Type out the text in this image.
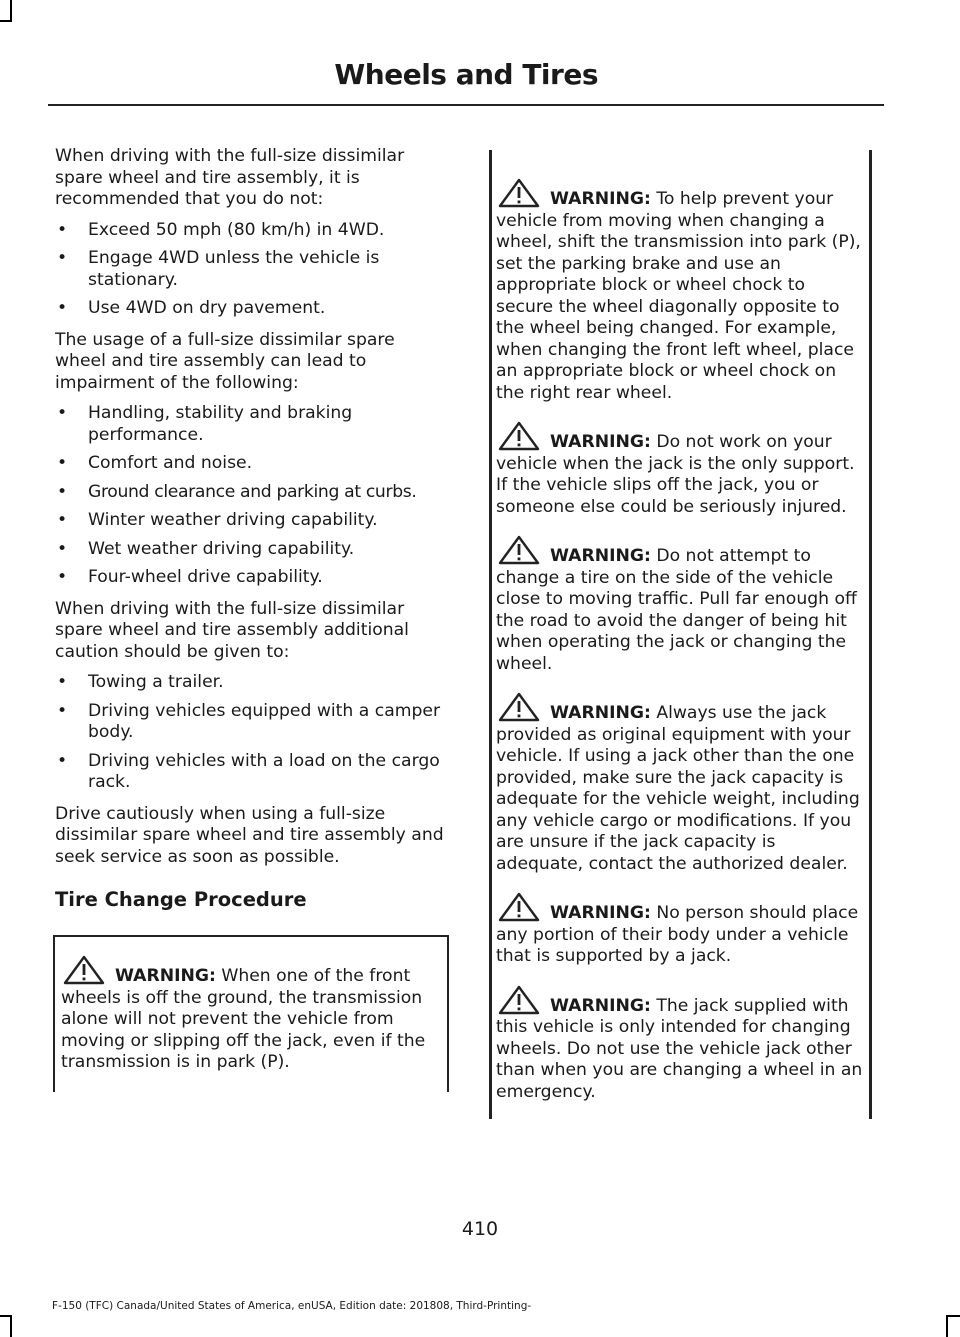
Wheels and Tires

When driving with the full-size dissimilar spare wheel and tire assembly, it is recommended that you do not:

• Exceed 50 mph (80 km/h) in 4WD.
• Engage 4WD unless the vehicle is stationary.
• Use 4WD on dry pavement.

The usage of a full-size dissimilar spare wheel and tire assembly can lead to impairment of the following:

• Handling, stability and braking performance.
• Comfort and noise.
• Ground clearance and parking at curbs.
• Winter weather driving capability.
• Wet weather driving capability.
• Four-wheel drive capability.

When driving with the full-size dissimilar spare wheel and tire assembly additional caution should be given to:

• Towing a trailer.
• Driving vehicles equipped with a camper body.
• Driving vehicles with a load on the cargo rack.

Drive cautiously when using a full-size dissimilar spare wheel and tire assembly and seek service as soon as possible.

Tire Change Procedure

WARNING: When one of the front wheels is off the ground, the transmission alone will not prevent the vehicle from moving or slipping off the jack, even if the transmission is in park (P).

WARNING: To help prevent your vehicle from moving when changing a wheel, shift the transmission into park (P), set the parking brake and use an appropriate block or wheel chock to secure the wheel diagonally opposite to the wheel being changed. For example, when changing the front left wheel, place an appropriate block or wheel chock on the right rear wheel.

WARNING: Do not work on your vehicle when the jack is the only support. If the vehicle slips off the jack, you or someone else could be seriously injured.

WARNING: Do not attempt to change a tire on the side of the vehicle close to moving traffic. Pull far enough off the road to avoid the danger of being hit when operating the jack or changing the wheel.

WARNING: Always use the jack provided as original equipment with your vehicle. If using a jack other than the one provided, make sure the jack capacity is adequate for the vehicle weight, including any vehicle cargo or modifications. If you are unsure if the jack capacity is adequate, contact the authorized dealer.

WARNING: No person should place any portion of their body under a vehicle that is supported by a jack.

WARNING: The jack supplied with this vehicle is only intended for changing wheels. Do not use the vehicle jack other than when you are changing a wheel in an emergency.

410
F-150 (TFC) Canada/United States of America, enUSA, Edition date: 201808, Third-Printing-
